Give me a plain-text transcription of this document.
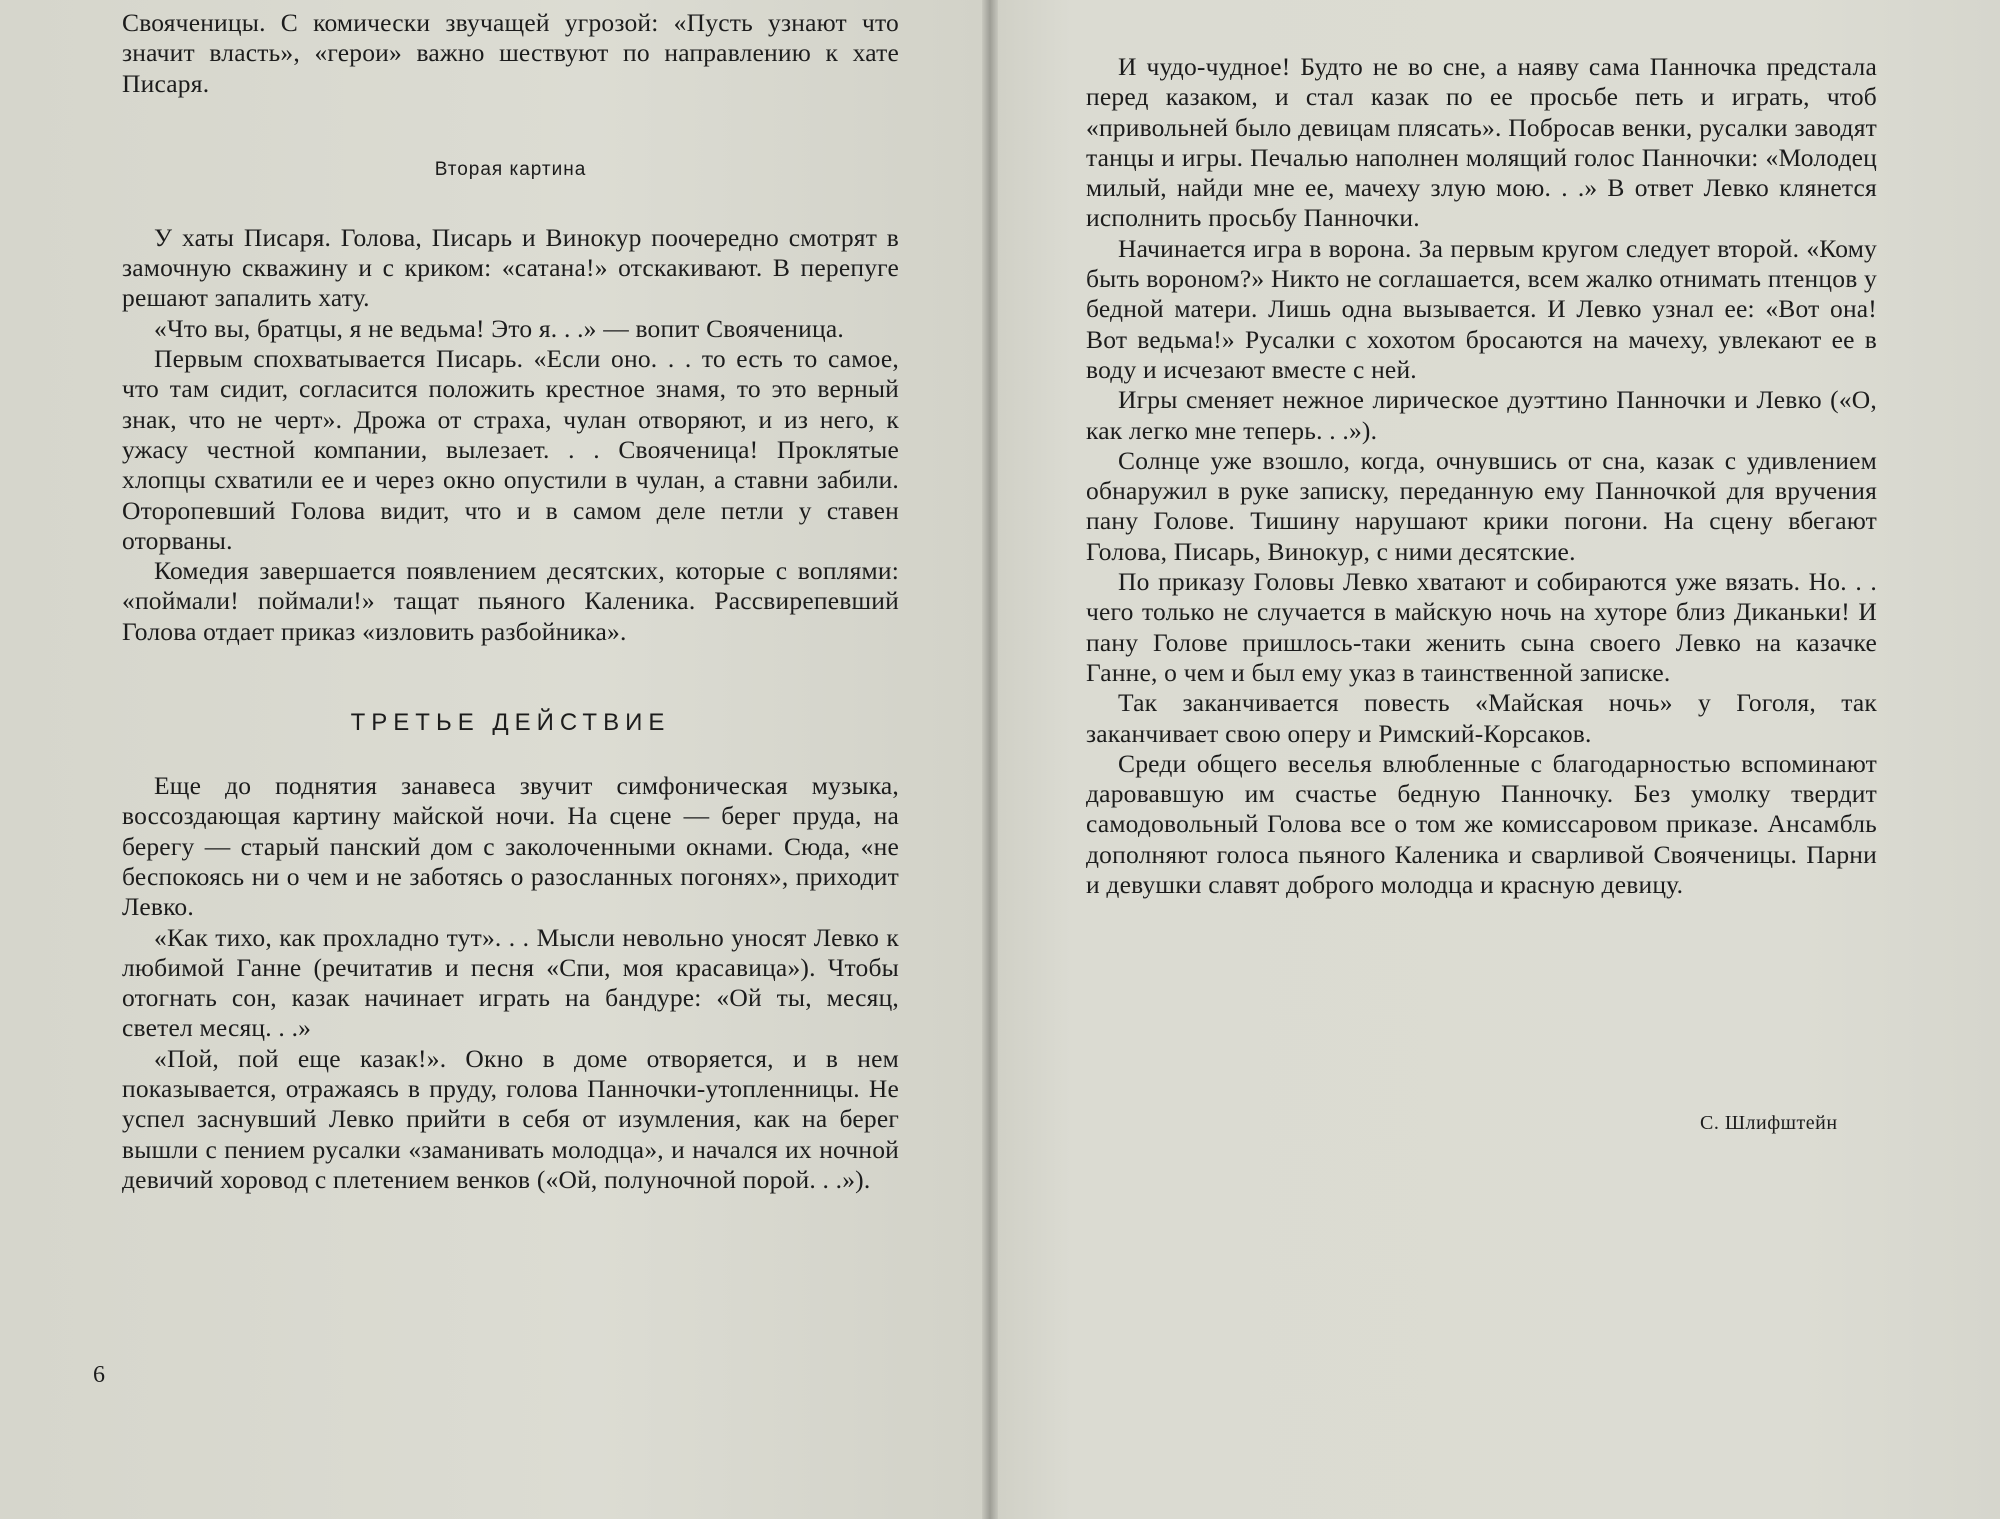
Свояченицы. С комически звучащей угрозой: «Пусть узнают что значит власть», «герои» важно шествуют по направлению к хате Писаря.

Вторая картина

У хаты Писаря. Голова, Писарь и Винокур поочередно смотрят в замочную скважину и с криком: «сатана!» отскакивают. В перепуге решают запалить хату.

«Что вы, братцы, я не ведьма! Это я. . .» — вопит Свояченица.

Первым спохватывается Писарь. «Если оно. . . то есть то самое, что там сидит, согласится положить крестное знамя, то это верный знак, что не черт». Дрожа от страха, чулан отворяют, и из него, к ужасу честной компании, вылезает. . . Свояченица! Проклятые хлопцы схватили ее и через окно опустили в чулан, а ставни забили. Оторопевший Голова видит, что и в самом деле петли у ставен оторваны.

Комедия завершается появлением десятских, которые с воплями: «поймали! поймали!» тащат пьяного Каленика. Рассвирепевший Голова отдает приказ «изловить разбойника».

ТРЕТЬЕ ДЕЙСТВИЕ

Еще до поднятия занавеса звучит симфоническая музыка, воссоздающая картину майской ночи. На сцене — берег пруда, на берегу — старый панский дом с заколоченными окнами. Сюда, «не беспокоясь ни о чем и не заботясь о разосланных погонях», приходит Левко.

«Как тихо, как прохладно тут». . . Мысли невольно уносят Левко к любимой Ганне (речитатив и песня «Спи, моя красавица»). Чтобы отогнать сон, казак начинает играть на бандуре: «Ой ты, месяц, светел месяц. . .»

«Пой, пой еще казак!». Окно в доме отворяется, и в нем показывается, отражаясь в пруду, голова Панночки-утопленницы. Не успел заснувший Левко прийти в себя от изумления, как на берег вышли с пением русалки «заманивать молодца», и начался их ночной девичий хоровод с плетением венков («Ой, полуночной порой. . .»).

6

И чудо-чудное! Будто не во сне, а наяву сама Панночка предстала перед казаком, и стал казак по ее просьбе петь и играть, чтоб «привольней было девицам плясать». Побросав венки, русалки заводят танцы и игры. Печалью наполнен молящий голос Панночки: «Молодец милый, найди мне ее, мачеху злую мою. . .» В ответ Левко клянется исполнить просьбу Панночки.

Начинается игра в ворона. За первым кругом следует второй. «Кому быть вороном?» Никто не соглашается, всем жалко отнимать птенцов у бедной матери. Лишь одна вызывается. И Левко узнал ее: «Вот она! Вот ведьма!» Русалки с хохотом бросаются на мачеху, увлекают ее в воду и исчезают вместе с ней.

Игры сменяет нежное лирическое дуэттино Панночки и Левко («О, как легко мне теперь. . .»).

Солнце уже взошло, когда, очнувшись от сна, казак с удивлением обнаружил в руке записку, переданную ему Панночкой для вручения пану Голове. Тишину нарушают крики погони. На сцену вбегают Голова, Писарь, Винокур, с ними десятские.

По приказу Головы Левко хватают и собираются уже вязать. Но. . . чего только не случается в майскую ночь на хуторе близ Диканьки! И пану Голове пришлось-таки женить сына своего Левко на казачке Ганне, о чем и был ему указ в таинственной записке.

Так заканчивается повесть «Майская ночь» у Гоголя, так заканчивает свою оперу и Римский-Корсаков.

Среди общего веселья влюбленные с благодарностью вспоминают даровавшую им счастье бедную Панночку. Без умолку твердит самодовольный Голова все о том же комиссаровом приказе. Ансамбль дополняют голоса пьяного Каленика и сварливой Свояченицы. Парни и девушки славят доброго молодца и красную девицу.

С. Шлифштейн
